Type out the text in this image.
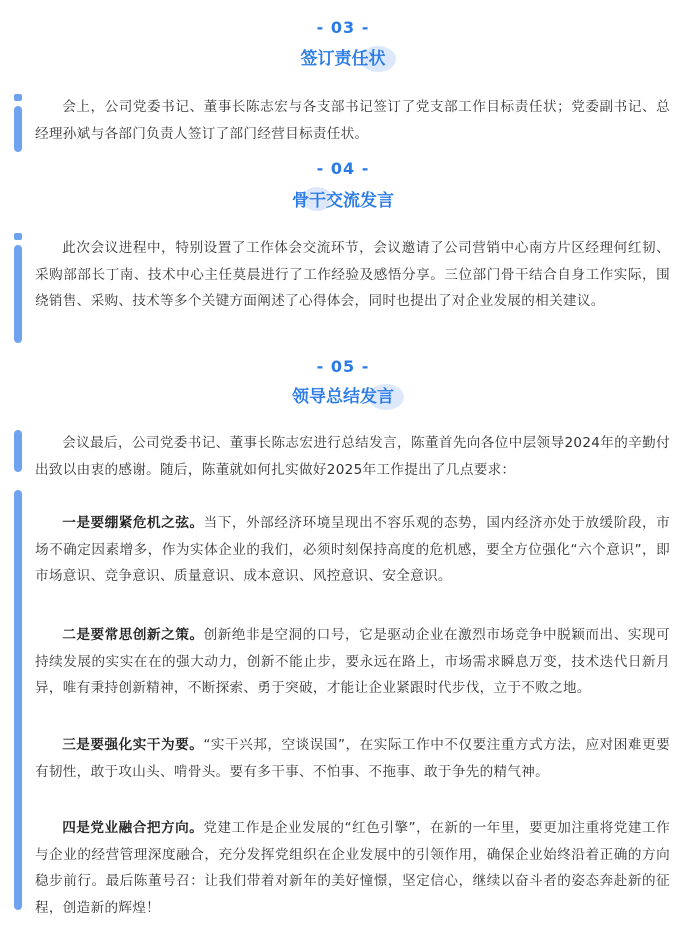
- 03 -
签订责任状

会上，公司党委书记、董事长陈志宏与各支部书记签订了党支部工作目标责任状；党委副书记、总经理孙斌与各部门负责人签订了部门经营目标责任状。

- 04 -
骨干交流发言

此次会议进程中，特别设置了工作体会交流环节，会议邀请了公司营销中心南方片区经理何红韧、采购部部长丁南、技术中心主任莫晨进行了工作经验及感悟分享。三位部门骨干结合自身工作实际，围绕销售、采购、技术等多个关键方面阐述了心得体会，同时也提出了对企业发展的相关建议。

- 05 -
领导总结发言

会议最后，公司党委书记、董事长陈志宏进行总结发言，陈董首先向各位中层领导2024年的辛勤付出致以由衷的感谢。随后，陈董就如何扎实做好2025年工作提出了几点要求：

一是要绷紧危机之弦。当下，外部经济环境呈现出不容乐观的态势，国内经济亦处于放缓阶段，市场不确定因素增多，作为实体企业的我们，必须时刻保持高度的危机感，要全方位强化“六个意识”，即市场意识、竞争意识、质量意识、成本意识、风控意识、安全意识。

二是要常思创新之策。创新绝非是空洞的口号，它是驱动企业在激烈市场竞争中脱颖而出、实现可持续发展的实实在在的强大动力，创新不能止步，要永远在路上，市场需求瞬息万变，技术迭代日新月异，唯有秉持创新精神，不断探索、勇于突破，才能让企业紧跟时代步伐，立于不败之地。

三是要强化实干为要。“实干兴邦，空谈误国”，在实际工作中不仅要注重方式方法，应对困难更要有韧性，敢于攻山头、啃骨头。要有多干事、不怕事、不拖事、敢于争先的精气神。

四是党业融合把方向。党建工作是企业发展的“红色引擎”，在新的一年里，要更加注重将党建工作与企业的经营管理深度融合，充分发挥党组织在企业发展中的引领作用，确保企业始终沿着正确的方向稳步前行。最后陈董号召：让我们带着对新年的美好憧憬，坚定信心，继续以奋斗者的姿态奔赴新的征程，创造新的辉煌！
